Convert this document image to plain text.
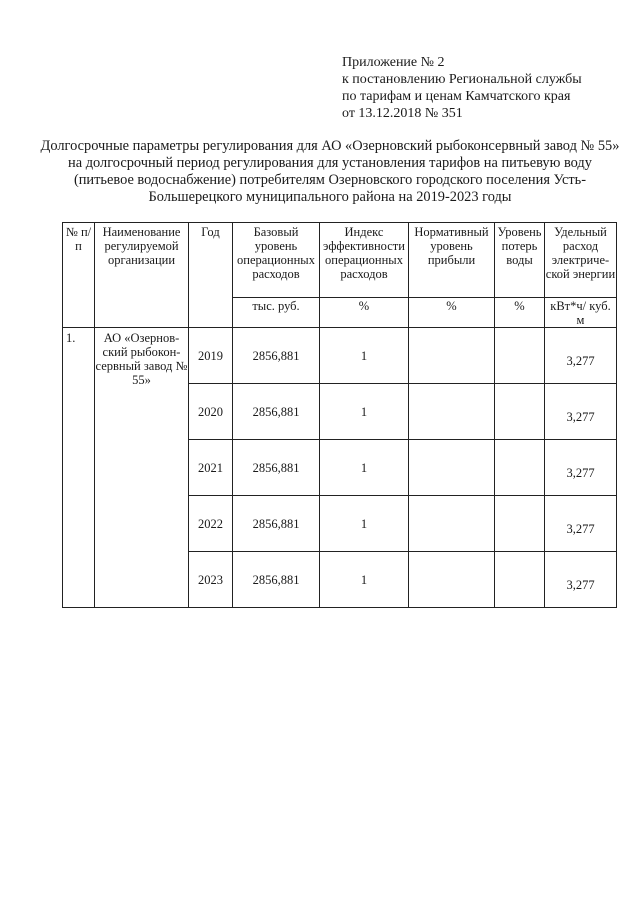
Приложение № 2
к постановлению Региональной службы
по тарифам и ценам Камчатского края
от 13.12.2018 № 351
Долгосрочные параметры регулирования для АО «Озерновский рыбоконсервный завод № 55» на долгосрочный период регулирования для установления тарифов на питьевую воду (питьевое водоснабжение) потребителям Озерновского городского поселения Усть-Большерецкого муниципального района на 2019-2023 годы
№ п/п	Наименование регулируемой организации	Год	Базовый уровень операционных расходов	Индекс эффективности операционных расходов	Нормативный уровень прибыли	Уровень потерь воды	Удельный расход электриче-ской энергии
			тыс. руб.	%	%	%	кВт*ч/ куб. м
1.	АО «Озернов-ский рыбокон-сервный завод № 55»	2019	2856,881	1			3,277
		2020	2856,881	1			3,277
		2021	2856,881	1			3,277
		2022	2856,881	1			3,277
		2023	2856,881	1			3,277
